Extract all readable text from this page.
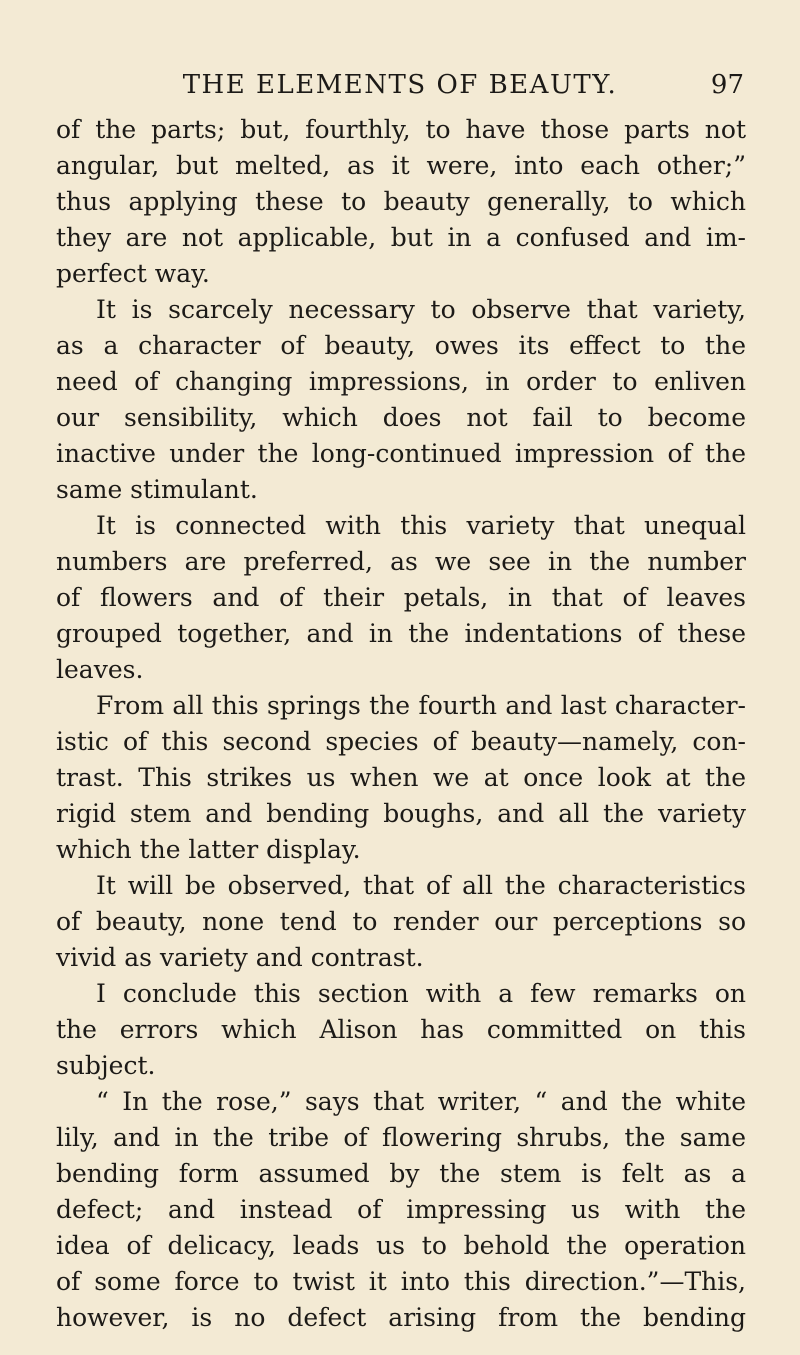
THE ELEMENTS OF BEAUTY.	97
of the parts; but, fourthly, to have those parts not
angular, but melted, as it were, into each other;”
thus applying these to beauty generally, to which
they are not applicable, but in a confused and im-
perfect way.
It is scarcely necessary to observe that variety,
as a character of beauty, owes its effect to the
need of changing impressions, in order to enliven
our sensibility, which does not fail to become
inactive under the long-continued impression of the
same stimulant.
It is connected with this variety that unequal
numbers are preferred, as we see in the number
of flowers and of their petals, in that of leaves
grouped together, and in the indentations of these
leaves.
From all this springs the fourth and last character-
istic of this second species of beauty—namely, con-
trast. This strikes us when we at once look at the
rigid stem and bending boughs, and all the variety
which the latter display.
It will be observed, that of all the characteristics
of beauty, none tend to render our perceptions so
vivid as variety and contrast.
I conclude this section with a few remarks on
the errors which Alison has committed on this
subject.
“ In the rose,” says that writer, “ and the white
lily, and in the tribe of flowering shrubs, the same
bending form assumed by the stem is felt as a
defect; and instead of impressing us with the
idea of delicacy, leads us to behold the operation
of some force to twist it into this direction.”—This,
however, is no defect arising from the bending
